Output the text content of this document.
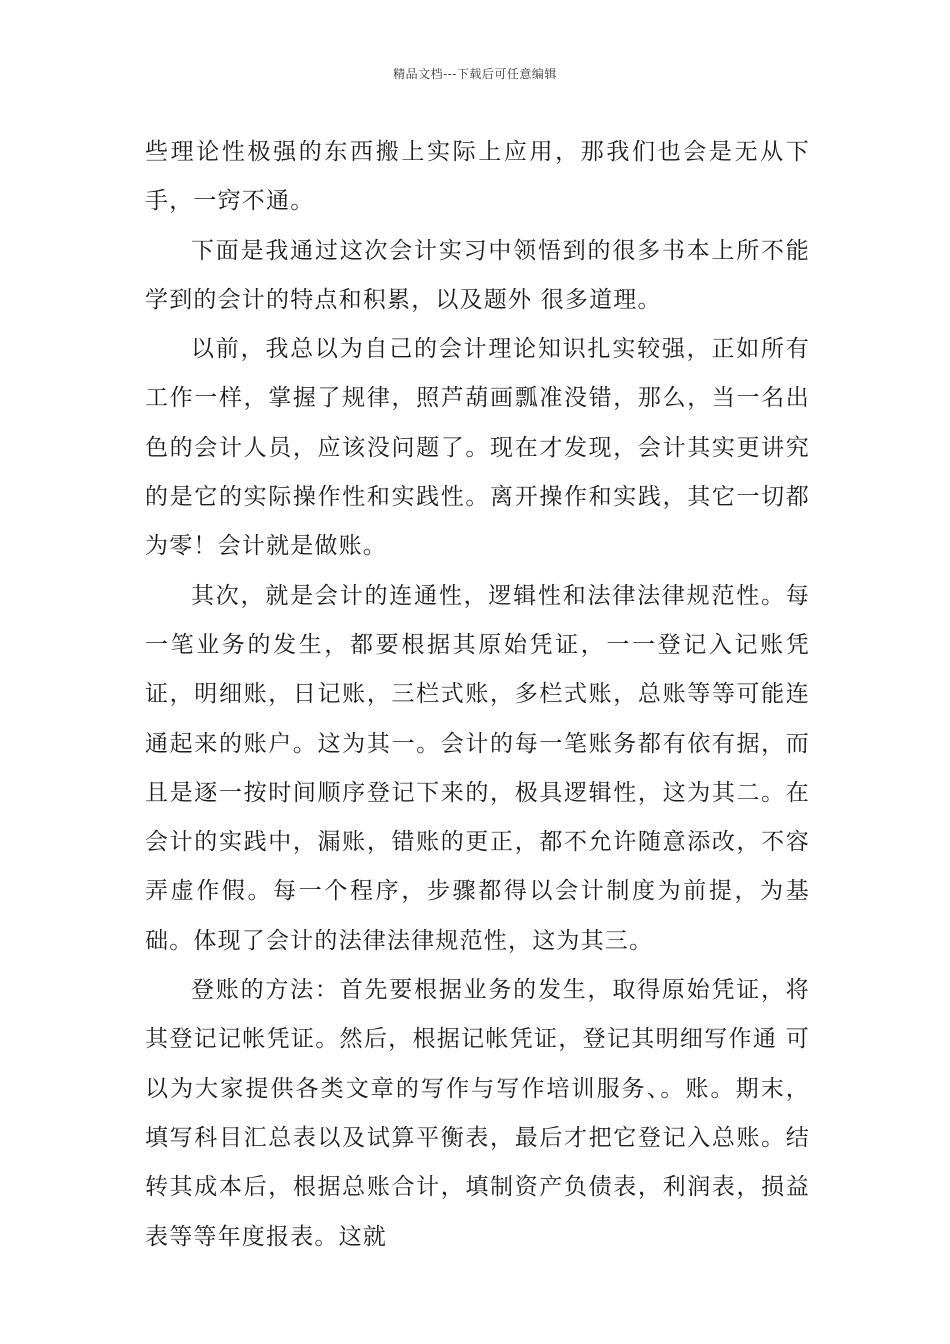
精品文档---下载后可任意编辑

些理论性极强的东西搬上实际上应用，那我们也会是无从下手，一窍不通。

下面是我通过这次会计实习中领悟到的很多书本上所不能学到的会计的特点和积累，以及题外 很多道理。

以前，我总以为自己的会计理论知识扎实较强，正如所有工作一样，掌握了规律，照芦葫画瓢准没错，那么，当一名出色的会计人员，应该没问题了。现在才发现，会计其实更讲究的是它的实际操作性和实践性。离开操作和实践，其它一切都为零！会计就是做账。

其次，就是会计的连通性，逻辑性和法律法律规范性。每一笔业务的发生，都要根据其原始凭证，一一登记入记账凭证，明细账，日记账，三栏式账，多栏式账，总账等等可能连通起来的账户。这为其一。会计的每一笔账务都有依有据，而且是逐一按时间顺序登记下来的，极具逻辑性，这为其二。在会计的实践中，漏账，错账的更正，都不允许随意添改，不容弄虚作假。每一个程序，步骤都得以会计制度为前提，为基础。体现了会计的法律法律规范性，这为其三。

登账的方法：首先要根据业务的发生，取得原始凭证，将其登记记帐凭证。然后，根据记帐凭证，登记其明细写作通 可以为大家提供各类文章的写作与写作培训服务、。账。期末，填写科目汇总表以及试算平衡表，最后才把它登记入总账。结转其成本后，根据总账合计，填制资产负债表，利润表，损益表等等年度报表。这就
